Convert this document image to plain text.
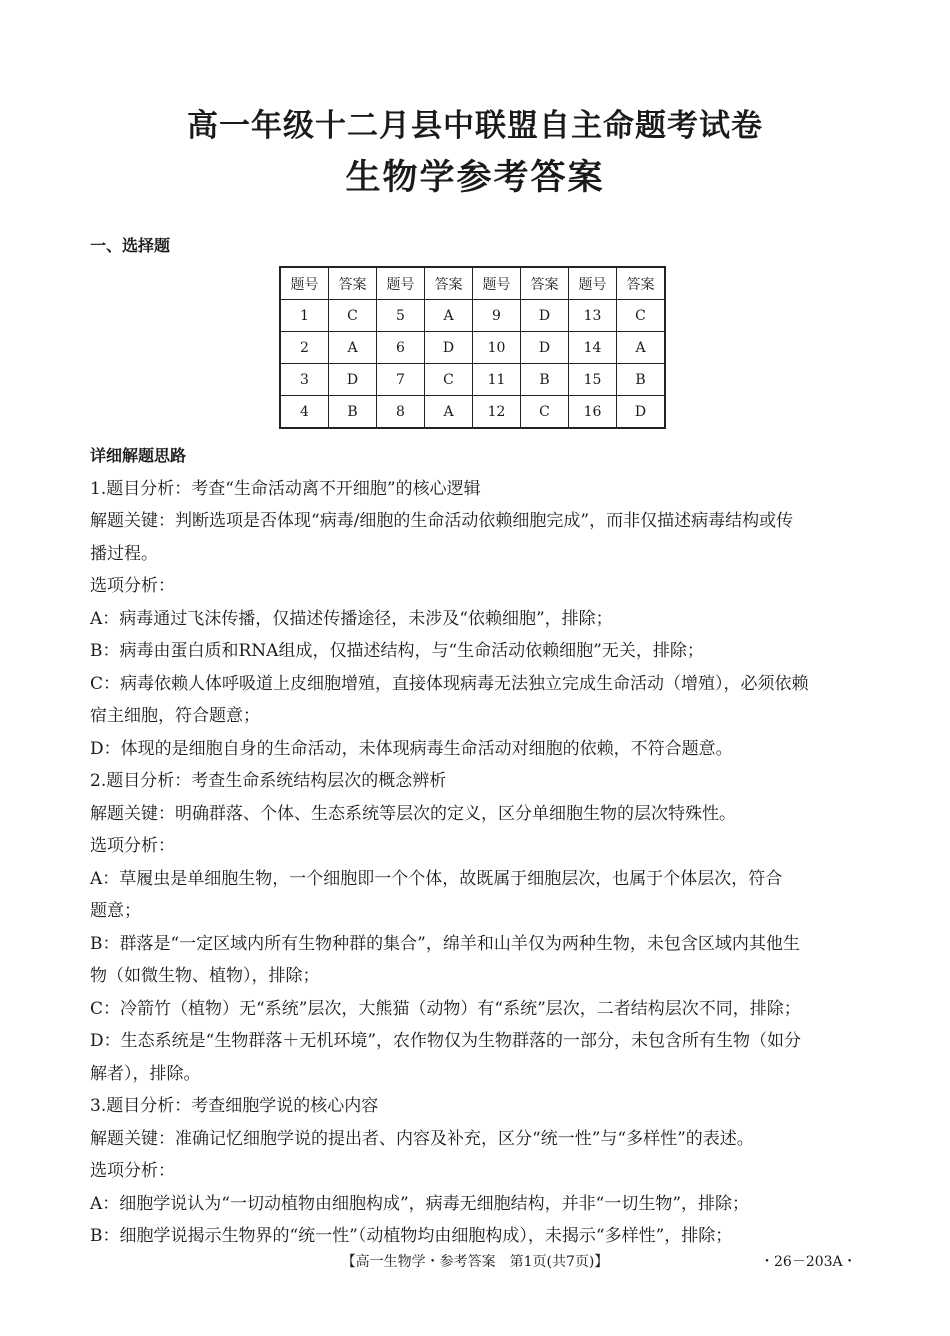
高一年级十二月县中联盟自主命题考试卷
生物学参考答案
一、选择题
题号	答案	题号	答案	题号	答案	题号	答案
1	C	5	A	9	D	13	C
2	A	6	D	10	D	14	A
3	D	7	C	11	B	15	B
4	B	8	A	12	C	16	D

详细解题思路

1.题目分析：考查“生命活动离不开细胞”的核心逻辑

解题关键：判断选项是否体现“病毒/细胞的生命活动依赖细胞完成”，而非仅描述病毒结构或传

播过程。

选项分析：

A：病毒通过飞沫传播，仅描述传播途径，未涉及“依赖细胞”，排除；

B：病毒由蛋白质和RNA组成，仅描述结构，与“生命活动依赖细胞”无关，排除；

C：病毒依赖人体呼吸道上皮细胞增殖，直接体现病毒无法独立完成生命活动（增殖），必须依赖

宿主细胞，符合题意；

D：体现的是细胞自身的生命活动，未体现病毒生命活动对细胞的依赖，不符合题意。

2.题目分析：考查生命系统结构层次的概念辨析

解题关键：明确群落、个体、生态系统等层次的定义，区分单细胞生物的层次特殊性。

选项分析：

A：草履虫是单细胞生物，一个细胞即一个个体，故既属于细胞层次，也属于个体层次，符合

题意；

B：群落是“一定区域内所有生物种群的集合”，绵羊和山羊仅为两种生物，未包含区域内其他生

物（如微生物、植物），排除；

C：冷箭竹（植物）无“系统”层次，大熊猫（动物）有“系统”层次，二者结构层次不同，排除；

D：生态系统是“生物群落＋无机环境”，农作物仅为生物群落的一部分，未包含所有生物（如分

解者），排除。

3.题目分析：考查细胞学说的核心内容

解题关键：准确记忆细胞学说的提出者、内容及补充，区分“统一性”与“多样性”的表述。

选项分析：

A：细胞学说认为“一切动植物由细胞构成”，病毒无细胞结构，并非“一切生物”，排除；

B：细胞学说揭示生物界的“统一性”（动植物均由细胞构成），未揭示“多样性”，排除；

【高一生物学・参考答案　第1页(共7页)】	・26－203A・
